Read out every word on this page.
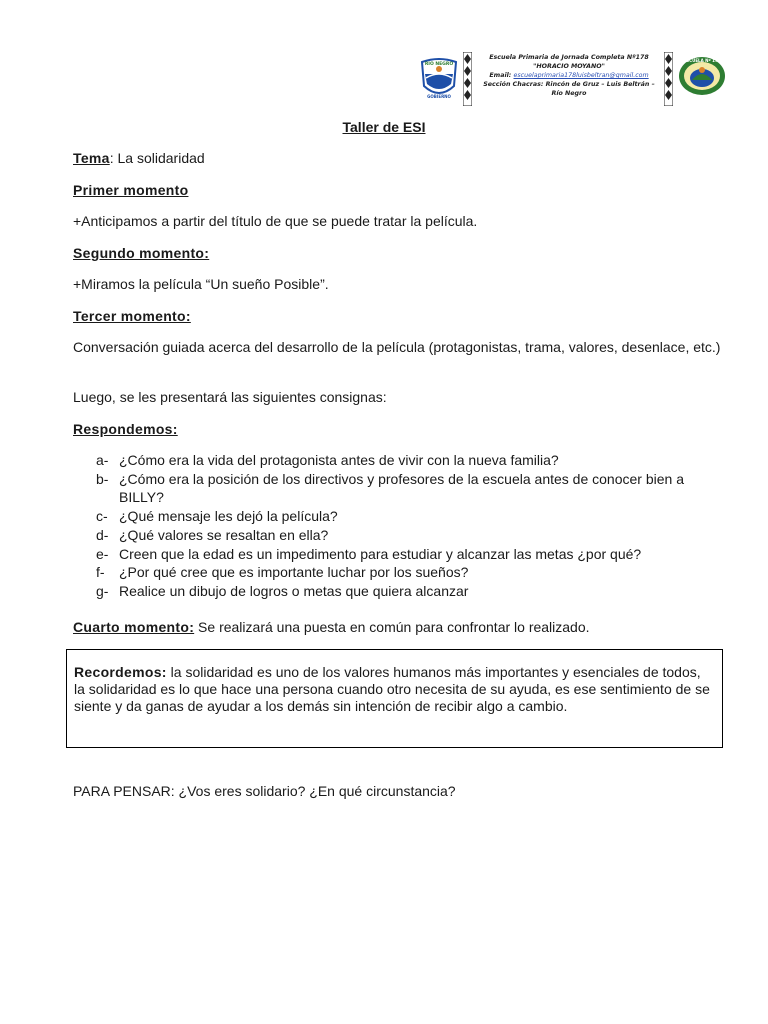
RIO NEGRO
GOBIERNO
Escuela Primaria de Jornada Completa Nº178
"HORACIO MOYANO"
Email: escuelaprimaria178luisbeltran@gmail.com
Sección Chacras: Rincón de Gruz – Luis Beltrán – Río Negro
ESCUELA Nº 178
Taller de ESI
Tema: La solidaridad
Primer momento
+Anticipamos a partir del título de que se puede tratar la película.
Segundo momento:
+Miramos la película “Un sueño Posible”.
Tercer momento:
Conversación guiada acerca del desarrollo de la película (protagonistas, trama, valores, desenlace, etc.)
Luego, se les presentará las siguientes consignas:
Respondemos:
a- ¿Cómo era la vida del protagonista antes de vivir con la nueva familia?
b- ¿Cómo era la posición de los directivos y profesores de la escuela antes de conocer bien a BILLY?
c- ¿Qué mensaje les dejó la película?
d- ¿Qué valores se resaltan en ella?
e- Creen que la edad es un impedimento para estudiar y alcanzar las metas ¿por qué?
f- ¿Por qué cree que es importante luchar por los sueños?
g- Realice un dibujo de logros o metas que quiera alcanzar
Cuarto momento: Se realizará una puesta en común para confrontar lo realizado.
Recordemos: la solidaridad es uno de los valores humanos más importantes y esenciales de todos, la solidaridad es lo que hace una persona cuando otro necesita de su ayuda, es ese sentimiento de se siente y da ganas de ayudar a los demás sin intención de recibir algo a cambio.
PARA PENSAR: ¿Vos eres solidario? ¿En qué circunstancia?
